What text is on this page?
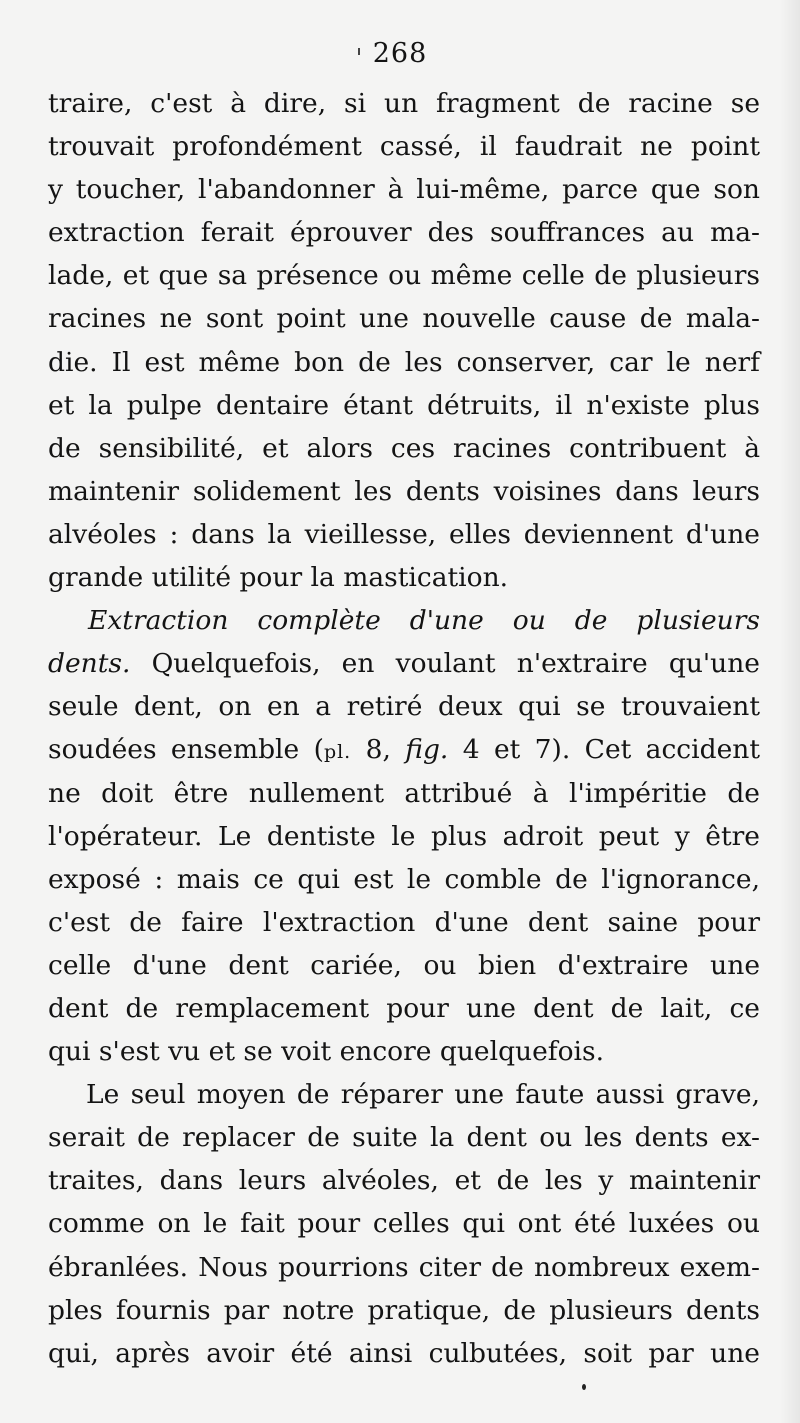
268
traire, c'est à dire, si un fragment de racine se
trouvait profondément cassé, il faudrait ne point
y toucher, l'abandonner à lui-même, parce que son
extraction ferait éprouver des souffrances au ma-
lade, et que sa présence ou même celle de plusieurs
racines ne sont point une nouvelle cause de mala-
die. Il est même bon de les conserver, car le nerf
et la pulpe dentaire étant détruits, il n'existe plus
de sensibilité, et alors ces racines contribuent à
maintenir solidement les dents voisines dans leurs
alvéoles : dans la vieillesse, elles deviennent d'une
grande utilité pour la mastication.
Extraction complète d'une ou de plusieurs
dents. Quelquefois, en voulant n'extraire qu'une
seule dent, on en a retiré deux qui se trouvaient
soudées ensemble (pl. 8, fig. 4 et 7). Cet accident
ne doit être nullement attribué à l'impéritie de
l'opérateur. Le dentiste le plus adroit peut y être
exposé : mais ce qui est le comble de l'ignorance,
c'est de faire l'extraction d'une dent saine pour
celle d'une dent cariée, ou bien d'extraire une
dent de remplacement pour une dent de lait, ce
qui s'est vu et se voit encore quelquefois.
Le seul moyen de réparer une faute aussi grave,
serait de replacer de suite la dent ou les dents ex-
traites, dans leurs alvéoles, et de les y maintenir
comme on le fait pour celles qui ont été luxées ou
ébranlées. Nous pourrions citer de nombreux exem-
ples fournis par notre pratique, de plusieurs dents
qui, après avoir été ainsi culbutées, soit par une
